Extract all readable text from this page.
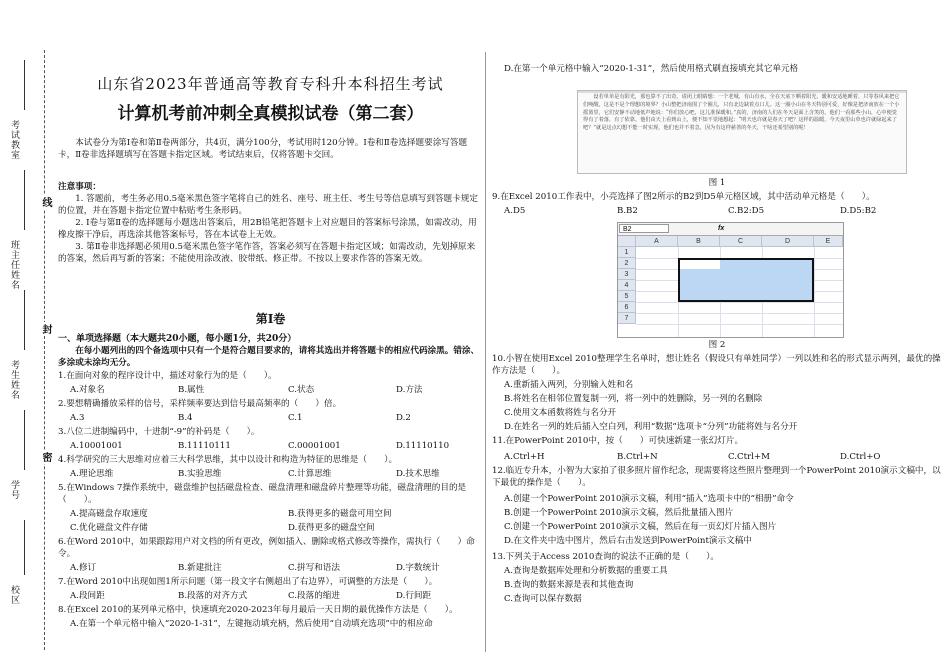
考试教室
班主任姓名
考生姓名
学号
校区
线
封
密
山东省2023年普通高等教育专科升本科招生考试
计算机考前冲刺全真模拟试卷（第二套）
本试卷分为第Ⅰ卷和第Ⅱ卷两部分，共4页，满分100分，考试用时120分钟。Ⅰ卷和Ⅱ卷选择题要涂写答题卡，Ⅱ卷非选择题填写在答题卡指定区域。考试结束后，仅将答题卡交回。
注意事项：
1. 答题前，考生务必用0.5毫米黑色签字笔将自己的姓名、座号、班主任、考生号等信息填写到答题卡规定的位置，并在答题卡指定位置中粘贴考生条形码。
2. Ⅰ卷与第Ⅱ卷的选择题每小题选出答案后，用2B铅笔把答题卡上对应题目的答案标号涂黑，如需改动，用橡皮擦干净后，再选涂其他答案标号，答在本试卷上无效。
3. 第Ⅱ卷非选择题必须用0.5毫米黑色签字笔作答，答案必须写在答题卡指定区域；如需改动，先划掉原来的答案，然后再写新的答案；不能使用涂改液、胶带纸、修正带。不按以上要求作答的答案无效。
第Ⅰ卷
一、单项选择题（本大题共20小题，每小题1分，共20分）
在每小题列出的四个备选项中只有一个是符合题目要求的，请将其选出并将答题卡的相应代码涂黑。错涂、多涂或未涂均无分。
1.在面向对象的程序设计中，描述对象行为的是（　　）。
A.对象名	B.属性	C.状态	D.方法
2.要想精确播放采样的信号，采样频率要达到信号最高频率的（　　）倍。
A.3	B.4	C.1	D.2
3.八位二进制编码中，十进制“-9”的补码是（　　）。
A.10001001	B.11110111	C.00001001	D.11110110
4.科学研究的三大思维对应着三大科学思维，其中以设计和构造为特征的思维是（　　）。
A.理论思维	B.实验思维	C.计算思维	D.技术思维
5.在Windows 7操作系统中，磁盘维护包括磁盘检查、磁盘清理和磁盘碎片整理等功能，磁盘清理的目的是（　　）。
A.提高磁盘存取速度	B.获得更多的磁盘可用空间
C.优化磁盘文件存储	D.获得更多的磁盘空间
6.在Word 2010中，如果跟踪用户对文档的所有更改，例如插入、删除或格式修改等操作，需执行（　　）命令。
A.修订	B.新建批注	C.拼写和语法	D.字数统计
7.在Word 2010中出现如图1所示问题（第一段文字右侧超出了右边界），可调整的方法是（　　）。
A.段间距	B.段落的对齐方式	C.段落的缩进	D.行间距
8.在Excel 2010的某列单元格中，快速填充2020-2023年每月最后一天日期的最优操作方法是（　　）。
A.在第一个单元格中输入“2020-1-31”，左键拖动填充柄，然后使用“自动填充选项”中的相应命
D.在第一个单元格中输入“2020-1-31”，然后使用格式刷直接填充其它单元格
设若单单是有阳光，那也算不了出奇。请闭上眼睛想：一个老城，有山有水，全在天底下晒着阳光，暖和安适地睡着，只等春风来把它们唤醒，这是不是个理想的境界？小山整把济南围了个圈儿，只有北边缺着点口儿。这一圈小山在冬天特别可爱，好像是把济南放在一个小摇篮里，它们安静不动地低声地说：“你们放心吧，这儿准保暖和。”真的，济南的人们在冬天是面上含笑的。他们一看那些小山，心中便觉得有了着落，有了依靠。他们由天上看到山上，便不知不觉地想起：“明天也许就是春天了吧？这样的温暖，今天夜里山草也许就绿起来了吧？”就是这点幻想不能一时实现，他们也并不着急，因为有这样慈善的冬天，干啥还希望别的呢！
图 1
9.在Excel 2010工作表中，小亮选择了图2所示的B2到D5单元格区域，其中活动单元格是（　　）。
A.D5	B.B2	C.B2:D5	D.D5:B2
B2	fx
A	B	C	D	E
1
2
3
4
5
6
7
图 2
10.小智在使用Excel 2010整理学生名单时，想让姓名（假设只有单姓同学）一列以姓和名的形式显示两列，最优的操作方法是（　　）。
A.重新插入两列，分别输入姓和名
B.将姓名在相邻位置复制一列，将一列中的姓删除，另一列的名删除
C.使用文本函数将姓与名分开
D.在姓名一列的姓后插入空白列，利用“数据”选项卡“分列”功能将姓与名分开
11.在PowerPoint 2010中，按（　　）可快速新建一张幻灯片。
A.Ctrl+H	B.Ctrl+N	C.Ctrl+M	D.Ctrl+O
12.临近专升本，小智为大家拍了很多照片留作纪念，现需要将这些照片整理到一个PowerPoint 2010演示文稿中，以下最优的操作是（　　）。
A.创建一个PowerPoint 2010演示文稿，利用“插入”选项卡中的“相册”命令
B.创建一个PowerPoint 2010演示文稿，然后批量插入图片
C.创建一个PowerPoint 2010演示文稿，然后在每一页幻灯片插入图片
D.在文件夹中选中图片，然后右击发送到PowerPoint演示文稿中
13.下列关于Access 2010查询的说法不正确的是（　　）。
A.查询是数据库处理和分析数据的重要工具
B.查询的数据来源是表和其他查询
C.查询可以保存数据
